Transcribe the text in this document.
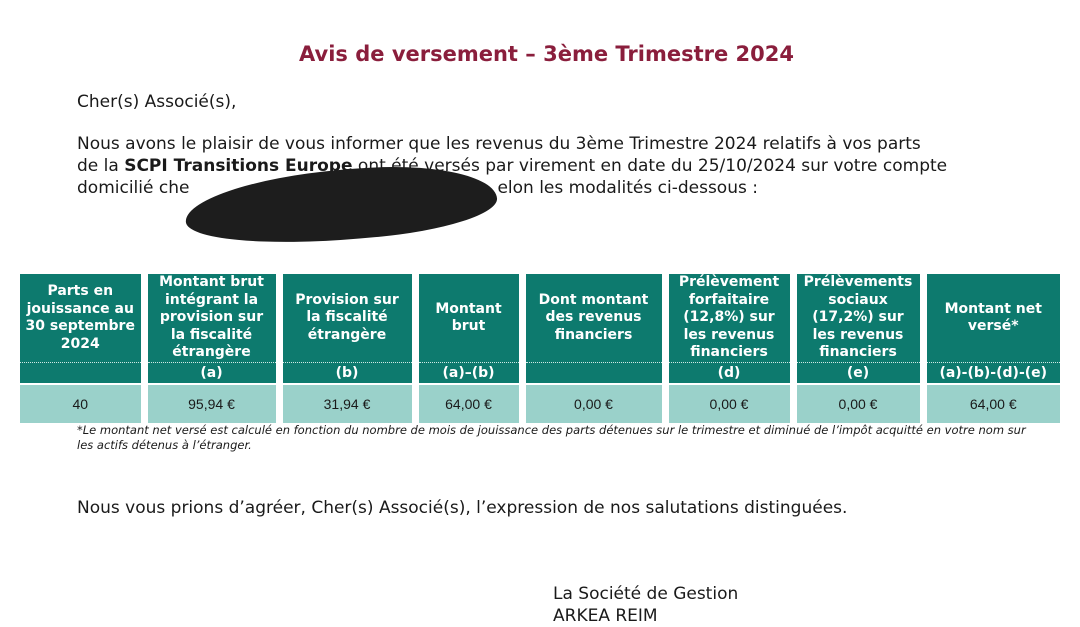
Avis de versement – 3ème Trimestre 2024
Cher(s) Associé(s),
Nous avons le plaisir de vous informer que les revenus du 3ème Trimestre 2024 relatifs à vos parts
de la SCPI Transitions Europe ont été versés par virement en date du 25/10/2024 sur votre compte
domicilié che	elon les modalités ci-dessous :
Parts en jouissance au 30 septembre 2024	Montant brut intégrant la provision sur la fiscalité étrangère	Provision sur la fiscalité étrangère	Montant brut	Dont montant des revenus financiers	Prélèvement forfaitaire (12,8%) sur les revenus financiers	Prélèvements sociaux (17,2%) sur les revenus financiers	Montant net versé*
	(a)	(b)	(a)–(b)		(d)	(e)	(a)-(b)-(d)-(e)
40	95,94 €	31,94 €	64,00 €	0,00 €	0,00 €	0,00 €	64,00 €
*Le montant net versé est calculé en fonction du nombre de mois de jouissance des parts détenues sur le trimestre et diminué de l’impôt acquitté en votre nom sur les actifs détenus à l’étranger.
Nous vous prions d’agréer, Cher(s) Associé(s), l’expression de nos salutations distinguées.
La Société de Gestion
ARKEA REIM
